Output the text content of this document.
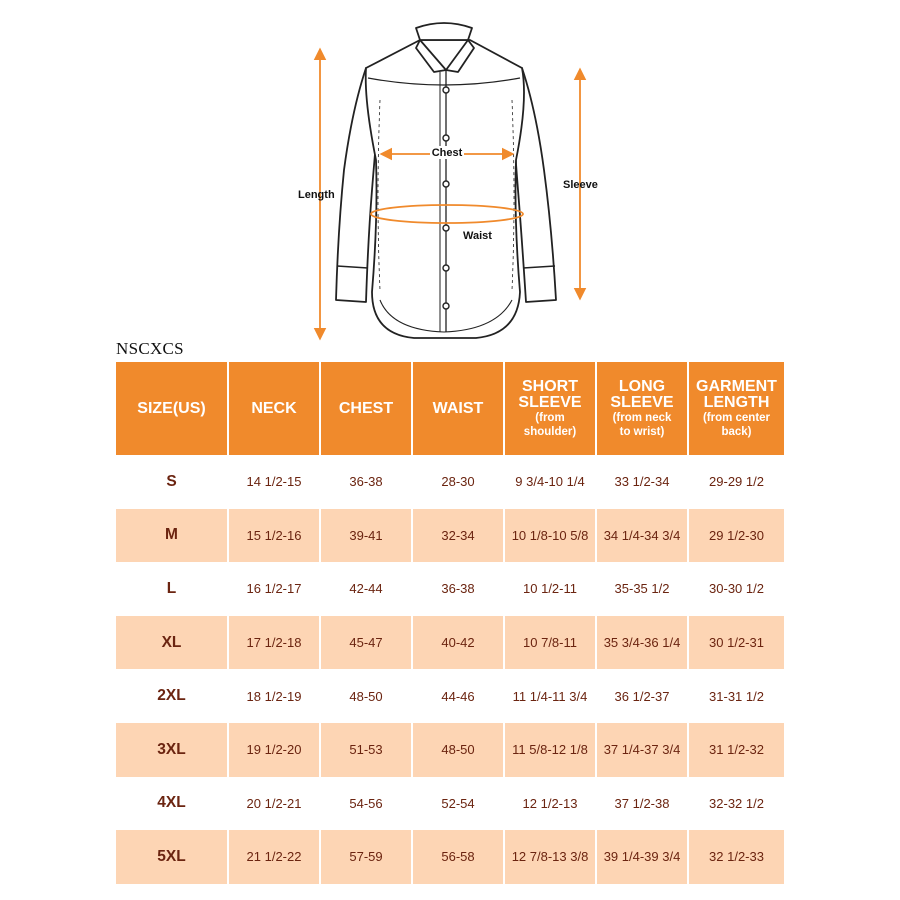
Chest
Length
Sleeve
Waist
NSCXCS
SIZE(US)	NECK	CHEST	WAIST	SHORT
SLEEVE
(from
shoulder)	LONG
SLEEVE
(from neck
to wrist)	GARMENT
LENGTH
(from center
back)

S	14 1/2-15	36-38	28-30	9 3/4-10 1/4	33 1/2-34	29-29 1/2
M	15 1/2-16	39-41	32-34	10 1/8-10 5/8	34 1/4-34 3/4	29 1/2-30
L	16 1/2-17	42-44	36-38	10 1/2-11	35-35 1/2	30-30 1/2
XL	17 1/2-18	45-47	40-42	10 7/8-11	35 3/4-36 1/4	30 1/2-31
2XL	18 1/2-19	48-50	44-46	11 1/4-11 3/4	36 1/2-37	31-31 1/2
3XL	19 1/2-20	51-53	48-50	11 5/8-12 1/8	37 1/4-37 3/4	31 1/2-32
4XL	20 1/2-21	54-56	52-54	12 1/2-13	37 1/2-38	32-32 1/2
5XL	21 1/2-22	57-59	56-58	12 7/8-13 3/8	39 1/4-39 3/4	32 1/2-33
